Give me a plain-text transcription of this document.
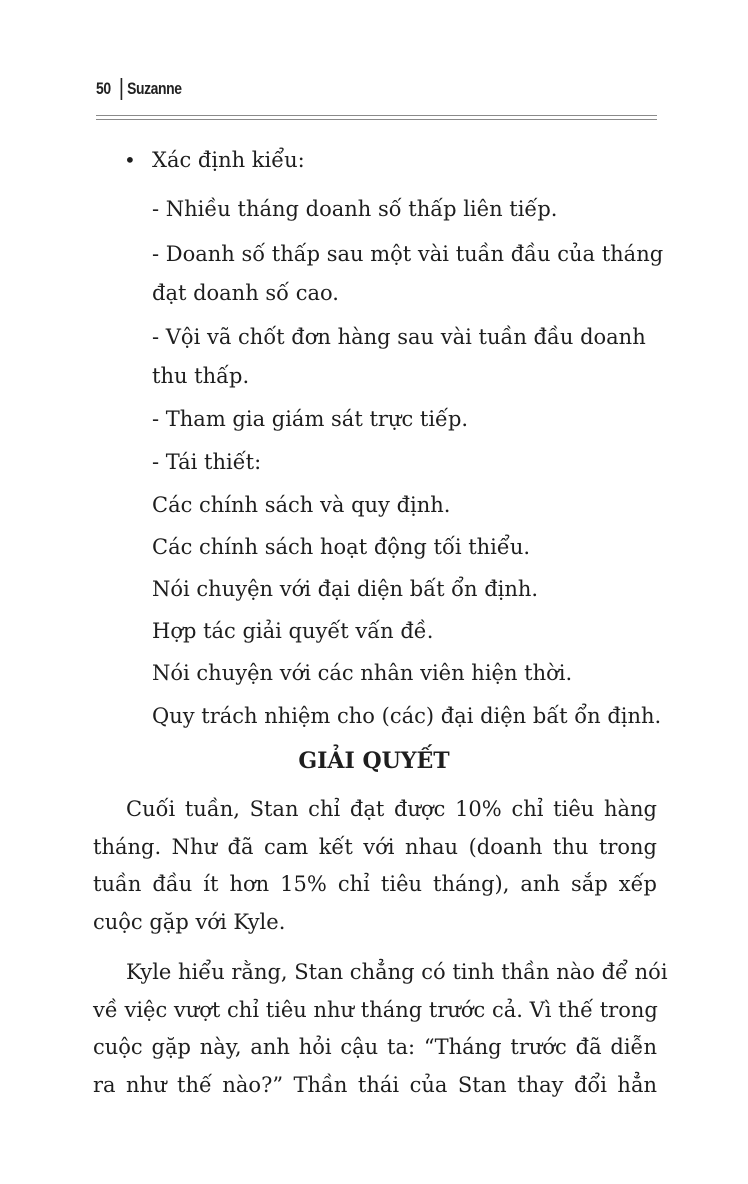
50 Suzanne
• Xác định kiểu:
- Nhiều tháng doanh số thấp liên tiếp.
- Doanh số thấp sau một vài tuần đầu của tháng
đạt doanh số cao.
- Vội vã chốt đơn hàng sau vài tuần đầu doanh
thu thấp.
- Tham gia giám sát trực tiếp.
- Tái thiết:
Các chính sách và quy định.
Các chính sách hoạt động tối thiểu.
Nói chuyện với đại diện bất ổn định.
Hợp tác giải quyết vấn đề.
Nói chuyện với các nhân viên hiện thời.
Quy trách nhiệm cho (các) đại diện bất ổn định.
GIẢI QUYẾT
Cuối tuần, Stan chỉ đạt được 10% chỉ tiêu hàng
tháng. Như đã cam kết với nhau (doanh thu trong
tuần đầu ít hơn 15% chỉ tiêu tháng), anh sắp xếp
cuộc gặp với Kyle.
Kyle hiểu rằng, Stan chẳng có tinh thần nào để nói
về việc vượt chỉ tiêu như tháng trước cả. Vì thế trong
cuộc gặp này, anh hỏi cậu ta: “Tháng trước đã diễn
ra như thế nào?” Thần thái của Stan thay đổi hẳn
